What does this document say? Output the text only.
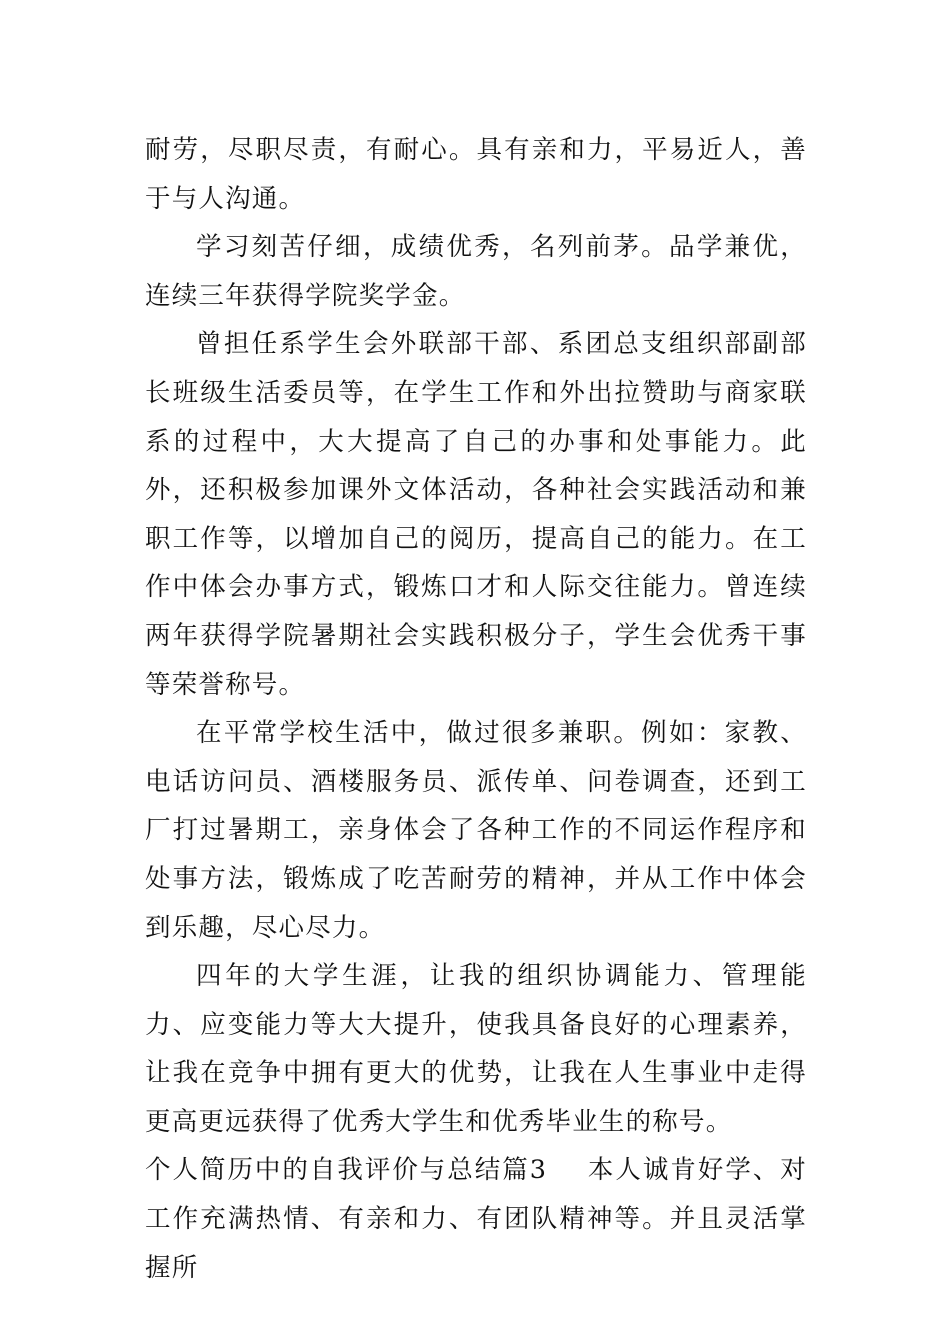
耐劳，尽职尽责，有耐心。具有亲和力，平易近人，善于与人沟通。

学习刻苦仔细，成绩优秀，名列前茅。品学兼优，连续三年获得学院奖学金。

曾担任系学生会外联部干部、系团总支组织部副部长班级生活委员等，在学生工作和外出拉赞助与商家联系的过程中，大大提高了自己的办事和处事能力。此外，还积极参加课外文体活动，各种社会实践活动和兼职工作等，以增加自己的阅历，提高自己的能力。在工作中体会办事方式，锻炼口才和人际交往能力。曾连续两年获得学院暑期社会实践积极分子，学生会优秀干事等荣誉称号。

在平常学校生活中，做过很多兼职。例如：家教、电话访问员、酒楼服务员、派传单、问卷调查，还到工厂打过暑期工，亲身体会了各种工作的不同运作程序和处事方法，锻炼成了吃苦耐劳的精神，并从工作中体会到乐趣，尽心尽力。

四年的大学生涯，让我的组织协调能力、管理能力、应变能力等大大提升，使我具备良好的心理素养，让我在竞争中拥有更大的优势，让我在人生事业中走得更高更远获得了优秀大学生和优秀毕业生的称号。

个人简历中的自我评价与总结篇3 本人诚肯好学、对工作充满热情、有亲和力、有团队精神等。并且灵活掌握所
